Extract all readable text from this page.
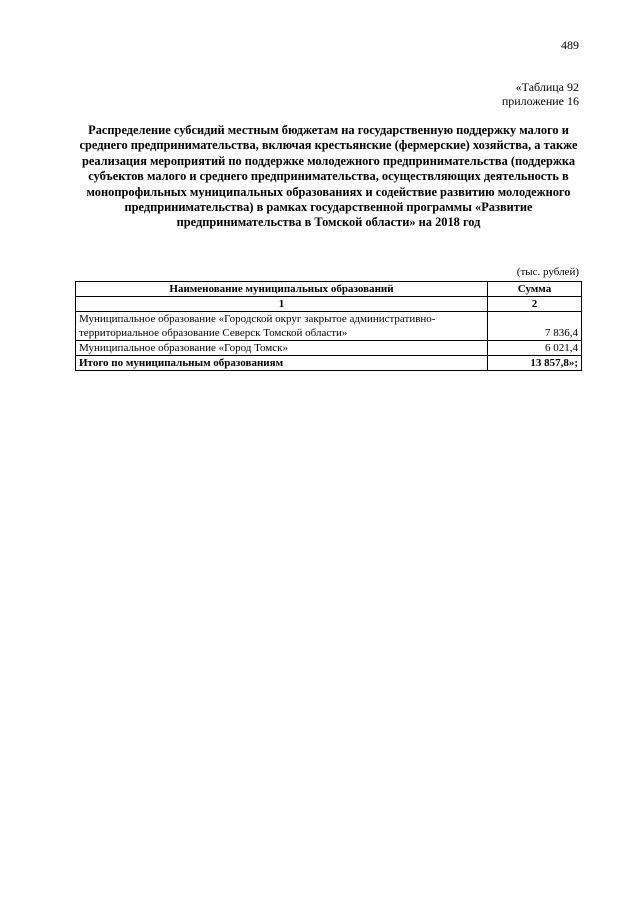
489
«Таблица 92
приложение 16
Распределение субсидий местным бюджетам на государственную поддержку малого и среднего предпринимательства, включая крестьянские (фермерские) хозяйства, а также реализация мероприятий по поддержке молодежного предпринимательства (поддержка субъектов малого и среднего предпринимательства, осуществляющих деятельность в монопрофильных муниципальных образованиях и содействие развитию молодежного предпринимательства) в рамках государственной программы «Развитие предпринимательства в Томской области» на 2018 год
(тыс. рублей)
Наименование муниципальных образований	Сумма
1	2
Муниципальное образование «Городской округ закрытое административно-территориальное образование Северск Томской области»	7 836,4
Муниципальное образование «Город Томск»	6 021,4
Итого по муниципальным образованиям	13 857,8»;
